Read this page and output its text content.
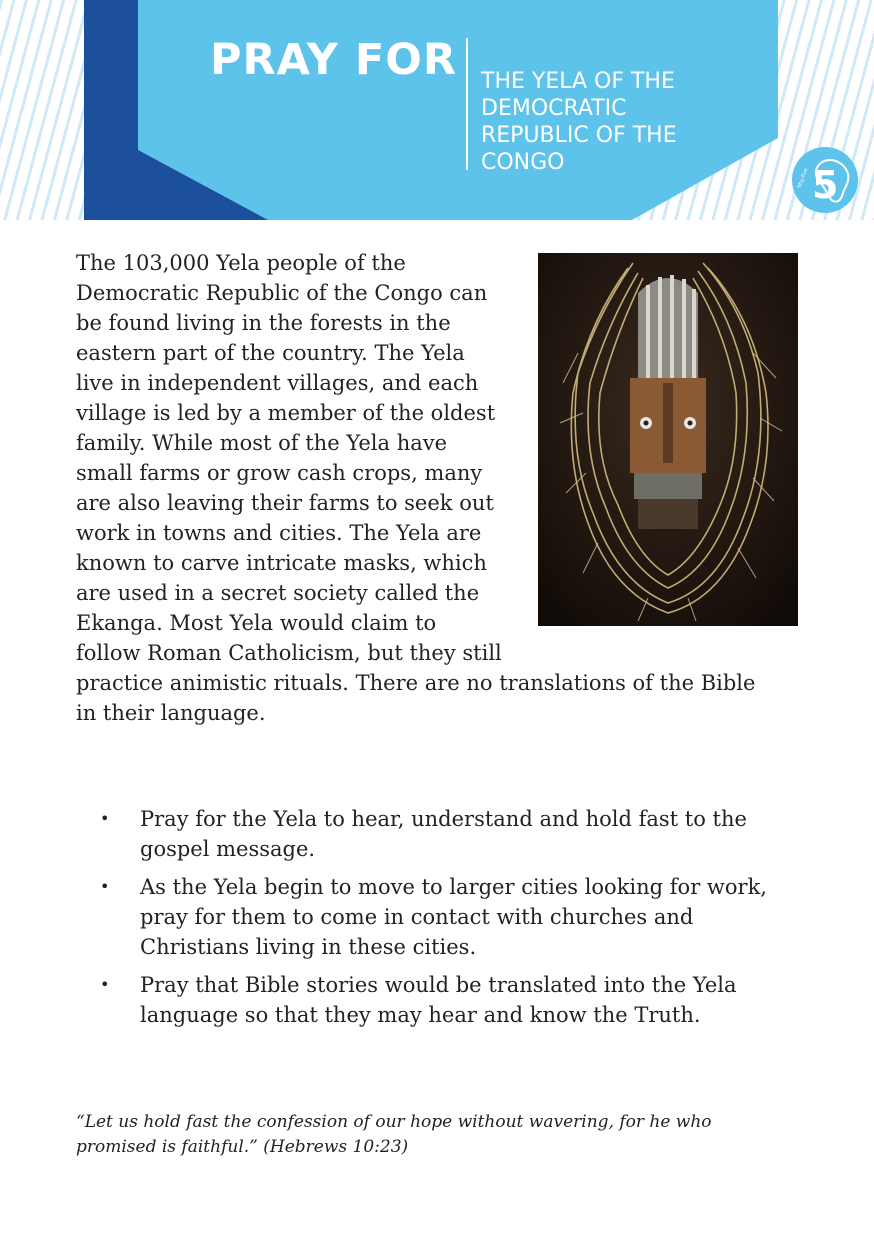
PRAY FOR THE YELA OF THE DEMOCRATIC REPUBLIC OF THE CONGO

5
fifty-five

The 103,000 Yela people of the Democratic Republic of the Congo can be found living in the forests in the eastern part of the country. The Yela live in independent villages, and each village is led by a member of the oldest family. While most of the Yela have small farms or grow cash crops, many are also leaving their farms to seek out work in towns and cities. The Yela are known to carve intricate masks, which are used in a secret society called the Ekanga. Most Yela would claim to follow Roman Catholicism, but they still practice animistic rituals. There are no translations of the Bible in their language.

• Pray for the Yela to hear, understand and hold fast to the gospel message.
• As the Yela begin to move to larger cities looking for work, pray for them to come in contact with churches and Christians living in these cities.
• Pray that Bible stories would be translated into the Yela language so that they may hear and know the Truth.

“Let us hold fast the confession of our hope without wavering, for he who promised is faithful.” (Hebrews 10:23)
